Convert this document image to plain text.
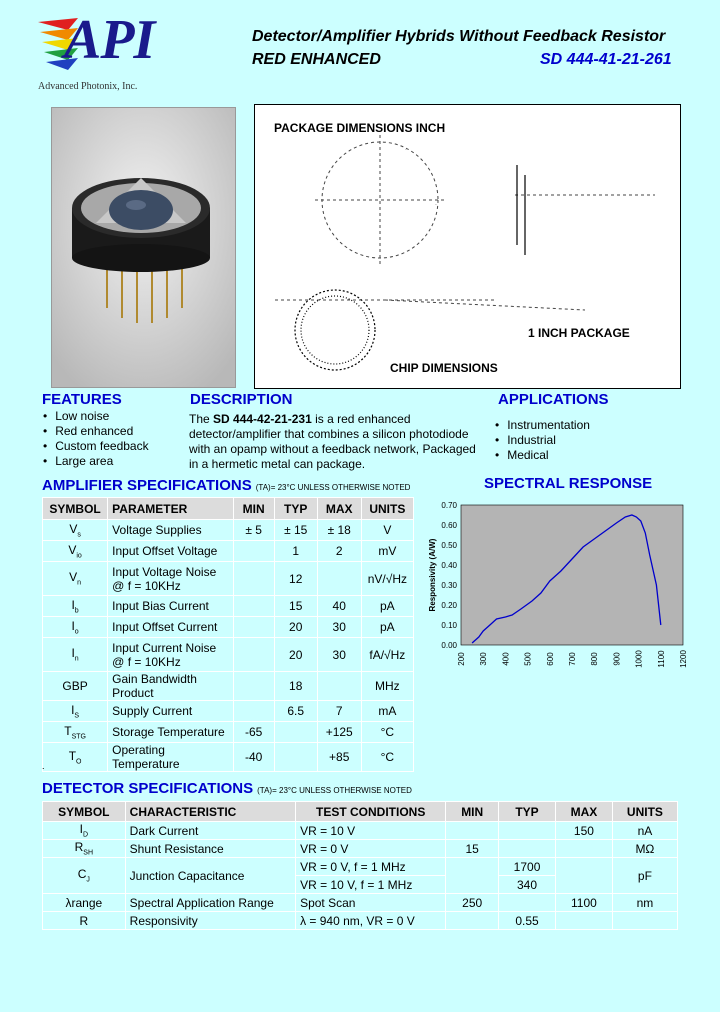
API
Advanced Photonix, Inc.
Detector/Amplifier Hybrids Without Feedback Resistor
RED ENHANCED	SD 444-41-21-261
PACKAGE DIMENSIONS INCH
.
.
1 INCH PACKAGE
CHIP DIMENSIONS
FEATURES
• Low noise
• Red enhanced
• Custom feedback
• Large area
DESCRIPTION
The SD 444-42-21-231 is a red enhanced detector/amplifier that combines a silicon photodiode with an opamp without a feedback network, Packaged in a hermetic metal can package.
APPLICATIONS
• Instrumentation
• Industrial
• Medical
AMPLIFIER SPECIFICATIONS (TA)= 23°C UNLESS OTHERWISE NOTED
SYMBOL	PARAMETER	MIN	TYP	MAX	UNITS
$V_s$	Voltage Supplies	± 5	± 15	± 18	V
$V_{io}$	Input Offset Voltage		1	2	mV
$V_n$	Input Voltage Noise
@ f = 10KHz		12		nV/√Hz
$I_b$	Input Bias Current		15	40	pA
$I_o$	Input Offset Current		20	30	pA
$I_n$	Input Current Noise
@ f = 10KHz		20	30	fA/√Hz
GBP	Gain Bandwidth Product		18		MHz
$I_S$	Supply Current		6.5	7	mA
$T_{STG}$	Storage Temperature	-65		+125	°C
$T_O$	Operating Temperature	-40		+85	°C
SPECTRAL RESPONSE
0.00
0.10
0.20
0.30
0.40
0.50
0.60
0.70
200 300 400 500 600 700 800 900 1000 1100 1200
Responsivity (A/W)
.
DETECTOR SPECIFICATIONS (TA)= 23°C UNLESS OTHERWISE NOTED
SYMBOL	CHARACTERISTIC	TEST CONDITIONS	MIN	TYP	MAX	UNITS
$I_D$	Dark Current	VR = 10 V			150	nA
$R_{SH}$	Shunt Resistance	VR = 0 V	15			MΩ
$C_J$	Junction Capacitance	VR = 0 V, f = 1 MHz		1700		pF
		VR = 10 V, f = 1 MHz		340		
λrange	Spectral Application Range	Spot Scan	250		1100	nm
R	Responsivity	λ = 940 nm, VR = 0 V		0.55		
